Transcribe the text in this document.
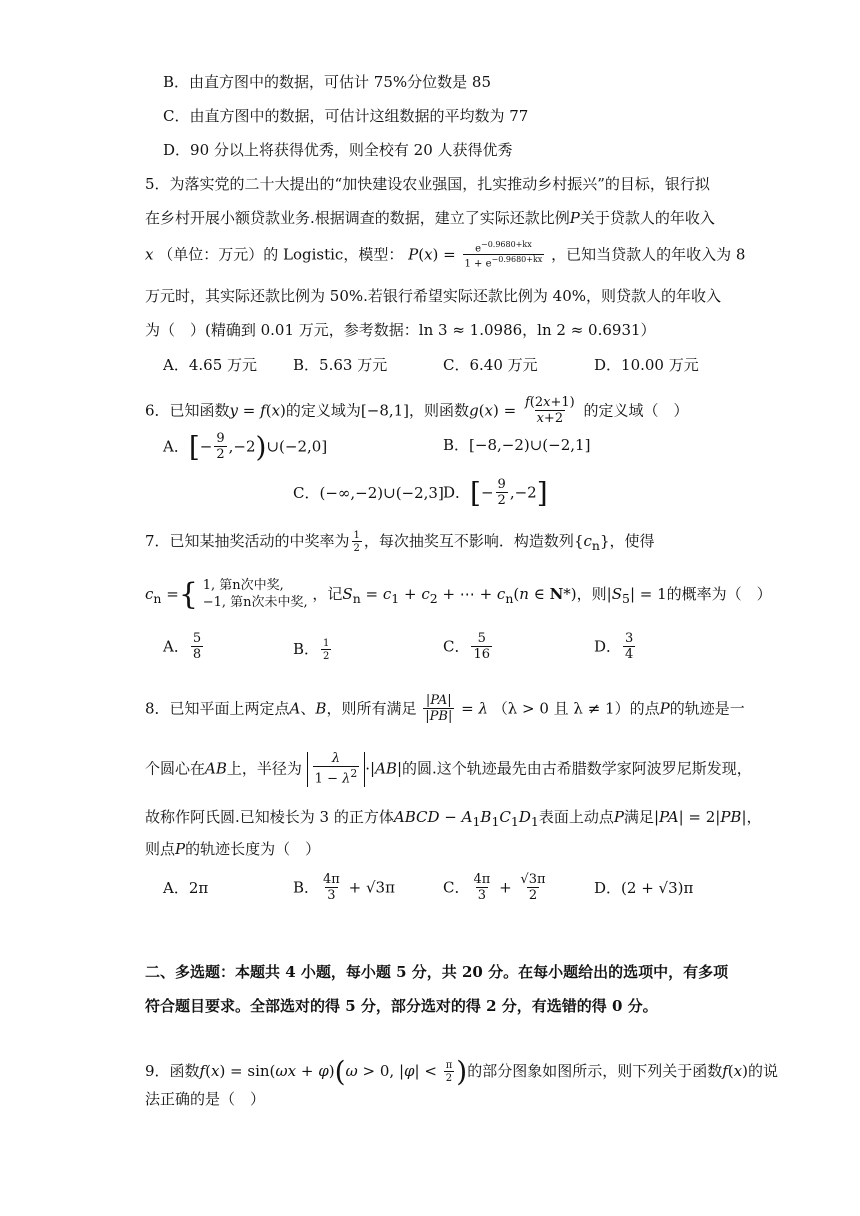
B．由直方图中的数据，可估计 75%分位数是 85
C．由直方图中的数据，可估计这组数据的平均数为 77
D．90 分以上将获得优秀，则全校有 20 人获得优秀
5．为落实党的二十大提出的“加快建设农业强国，扎实推动乡村振兴”的目标，银行拟
在乡村开展小额贷款业务.根据调查的数据，建立了实际还款比例P关于贷款人的年收入
x （单位：万元）的 Logistic，模型： $P(x) = \frac{e^{-0.9680+kx}}{1 + e^{-0.9680+kx}}$ ，已知当贷款人的年收入为 8
万元时，其实际还款比例为 50%.若银行希望实际还款比例为 40%，则贷款人的年收入
为（　）(精确到 0.01 万元，参考数据：ln 3 ≈ 1.0986，ln 2 ≈ 0.6931）
A．4.65 万元 B．5.63 万元	C．6.40 万元	D．10.00 万元
6．已知函数y = f(x)的定义域为[−8,1]，则函数$g(x) = \frac{f(2x+1)}{x+2}$ 的定义域（　）
A．[− $\frac{9}{2}$ ,−2)∪(−2,0]	B．[−8,−2)∪(−2,1]
C．(−∞,−2)∪(−2,3] D．[− $\frac{9}{2} ,-2$]
7．已知某抽奖活动的中奖率为 $\frac{1}{2}$ ，每次抽奖互不影响．构造数列$\{c_n\}$，使得
$c_n$ ={ 1, 第n次中奖,
−1, 第n次未中奖, ，记$S_n = c_1 + c_2$ + ⋯ + $c_n(n$ ∈ N*)，则$|S_5| = 1$的概率为（　）
A． $\frac{5}{8}$	B． $\frac{1}{2}$	C． $\frac{5}{16}$	D． $\frac{3}{4}$
8．已知平面上两定点A、B，则所有满足 $\frac{|PA|}{|PB|} = \lambda$ （λ > 0 且 λ ≠ 1）的点P的轨迹是一
个圆心在AB上，半径为 $\frac{\lambda}{1 - \lambda^2} \cdot|AB|$的圆.这个轨迹最先由古希腊数学家阿波罗尼斯发现，
故称作阿氏圆.已知棱长为 3 的正方体ABCD − $A_1B_1C_1D_1$表面上动点P满足|PA| = 2|PB|，
则点P的轨迹长度为（　）
A．2π	B． $\frac{4\pi}{3} + √3\pi$	C． $\frac{4\pi}{3} + \frac{√3\pi}{2}$	D．(2 + √3)π
二、多选题：本题共 4 小题，每小题 5 分，共 20 分。在每小题给出的选项中，有多项
符合题目要求。全部选对的得 5 分，部分选对的得 2 分，有选错的得 0 分。
9．函数f(x) = sin(ωx + φ)(ω > 0, $|\varphi| < \frac{\pi}{2}$ )的部分图象如图所示，则下列关于函数f(x)的说
法正确的是（　）
